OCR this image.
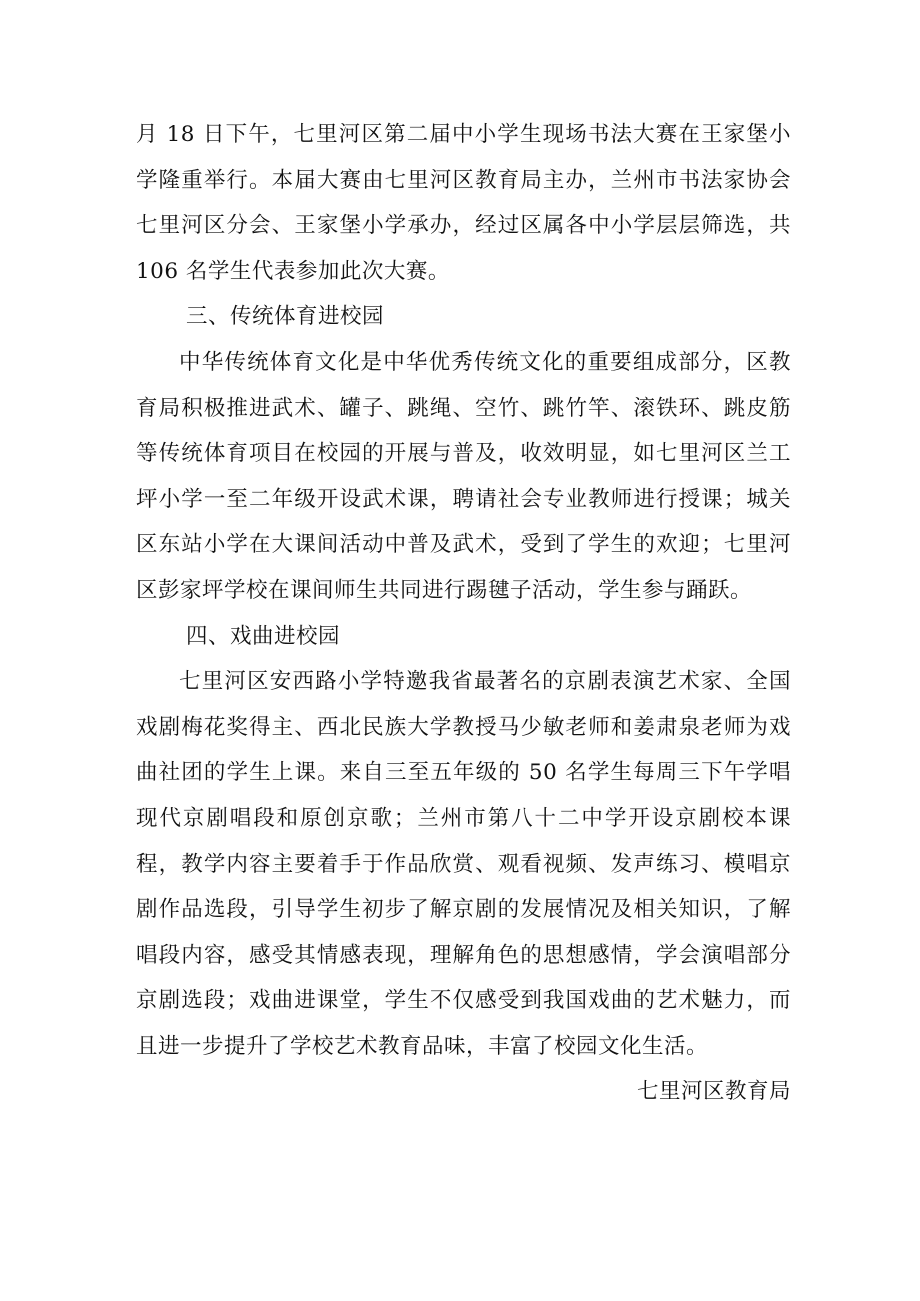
月 18 日下午，七里河区第二届中小学生现场书法大赛在王家堡小学隆重举行。本届大赛由七里河区教育局主办，兰州市书法家协会七里河区分会、王家堡小学承办，经过区属各中小学层层筛选，共 106 名学生代表参加此次大赛。

三、传统体育进校园

中华传统体育文化是中华优秀传统文化的重要组成部分，区教育局积极推进武术、罐子、跳绳、空竹、跳竹竿、滚铁环、跳皮筋等传统体育项目在校园的开展与普及，收效明显，如七里河区兰工坪小学一至二年级开设武术课，聘请社会专业教师进行授课；城关区东站小学在大课间活动中普及武术，受到了学生的欢迎；七里河区彭家坪学校在课间师生共同进行踢毽子活动，学生参与踊跃。

四、戏曲进校园

七里河区安西路小学特邀我省最著名的京剧表演艺术家、全国戏剧梅花奖得主、西北民族大学教授马少敏老师和姜肃泉老师为戏曲社团的学生上课。来自三至五年级的 50 名学生每周三下午学唱现代京剧唱段和原创京歌；兰州市第八十二中学开设京剧校本课程，教学内容主要着手于作品欣赏、观看视频、发声练习、模唱京剧作品选段，引导学生初步了解京剧的发展情况及相关知识，了解唱段内容，感受其情感表现，理解角色的思想感情，学会演唱部分京剧选段；戏曲进课堂，学生不仅感受到我国戏曲的艺术魅力，而且进一步提升了学校艺术教育品味，丰富了校园文化生活。

七里河区教育局
